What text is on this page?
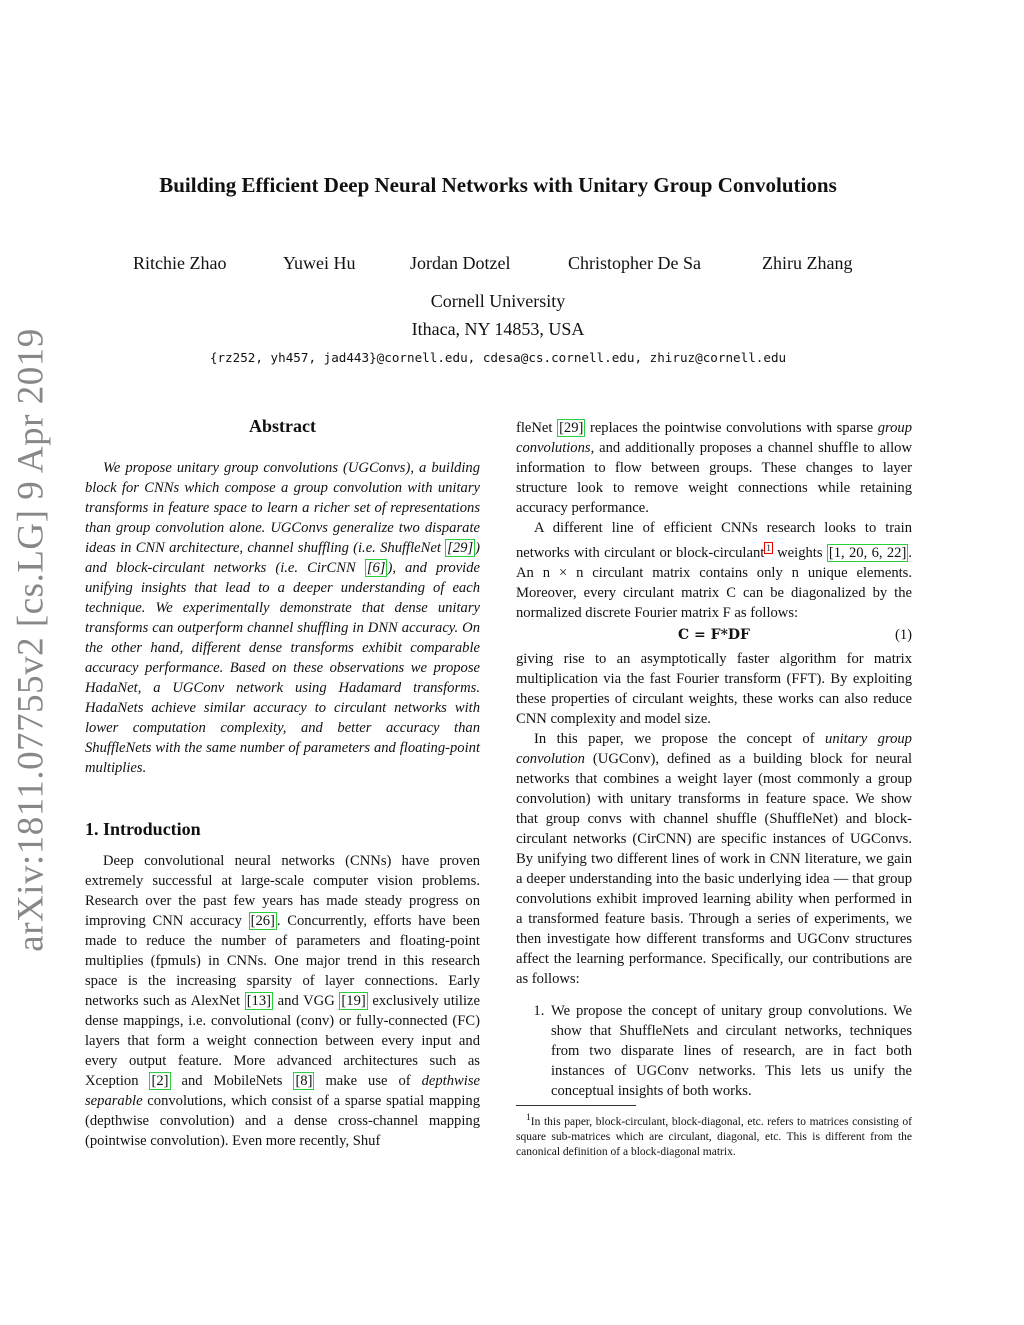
arXiv:1811.07755v2 [cs.LG] 9 Apr 2019
Building Efficient Deep Neural Networks with Unitary Group Convolutions
Ritchie Zhao	Yuwei Hu	Jordan Dotzel	Christopher De Sa	Zhiru Zhang
Cornell University
Ithaca, NY 14853, USA
{rz252, yh457, jad443}@cornell.edu, cdesa@cs.cornell.edu, zhiruz@cornell.edu
Abstract

We propose unitary group convolutions (UGConvs), a building block for CNNs which compose a group convolution with unitary transforms in feature space to learn a richer set of representations than group convolution alone. UGConvs generalize two disparate ideas in CNN architecture, channel shuffling (i.e. ShuffleNet [29] ) and block-circulant networks (i.e. CirCNN [6] ), and provide unifying insights that lead to a deeper understanding of each technique. We experimentally demonstrate that dense unitary transforms can outperform channel shuffling in DNN accuracy. On the other hand, different dense transforms exhibit comparable accuracy performance. Based on these observations we propose HadaNet, a UGConv network using Hadamard transforms. HadaNets achieve similar accuracy to circulant networks with lower computation complexity, and better accuracy than ShuffleNets with the same number of parameters and floating-point multiplies.

1. Introduction

Deep convolutional neural networks (CNNs) have proven extremely successful at large-scale computer vision problems. Research over the past few years has made steady progress on improving CNN accuracy [26] . Concurrently, efforts have been made to reduce the number of parameters and floating-point multiplies (fpmuls) in CNNs. One major trend in this research space is the increasing sparsity of layer connections. Early networks such as AlexNet [13] and VGG [19] exclusively utilize dense mappings, i.e. convolutional (conv) or fully-connected (FC) layers that form a weight connection between every input and every output feature. More advanced architectures such as Xception [2] and MobileNets [8] make use of depthwise separable convolutions, which consist of a sparse spatial mapping (depthwise convolution) and a dense cross-channel mapping (pointwise convolution). Even more recently, Shuf

fleNet [29] replaces the pointwise convolutions with sparse group convolutions, and additionally proposes a channel shuffle to allow information to flow between groups. These changes to layer structure look to remove weight connections while retaining accuracy performance.

A different line of efficient CNNs research looks to train networks with circulant or block-circulant $^1$ weights [1, 20, 6, 22] . An n × n circulant matrix contains only n unique elements. Moreover, every circulant matrix C can be diagonalized by the normalized discrete Fourier matrix F as follows:

C = F*DF	(1)

giving rise to an asymptotically faster algorithm for matrix multiplication via the fast Fourier transform (FFT). By exploiting these properties of circulant weights, these works can also reduce CNN complexity and model size.

In this paper, we propose the concept of unitary group convolution (UGConv), defined as a building block for neural networks that combines a weight layer (most commonly a group convolution) with unitary transforms in feature space. We show that group convs with channel shuffle (ShuffleNet) and block-circulant networks (CirCNN) are specific instances of UGConvs. By unifying two different lines of work in CNN literature, we gain a deeper understanding into the basic underlying idea — that group convolutions exhibit improved learning ability when performed in a transformed feature basis. Through a series of experiments, we then investigate how different transforms and UGConv structures affect the learning performance. Specifically, our contributions are as follows:

1. We propose the concept of unitary group convolutions. We show that ShuffleNets and circulant networks, techniques from two disparate lines of research, are in fact both instances of UGConv networks. This lets us unify the conceptual insights of both works.

$^1$In this paper, block-circulant, block-diagonal, etc. refers to matrices consisting of square sub-matrices which are circulant, diagonal, etc. This is different from the canonical definition of a block-diagonal matrix.
